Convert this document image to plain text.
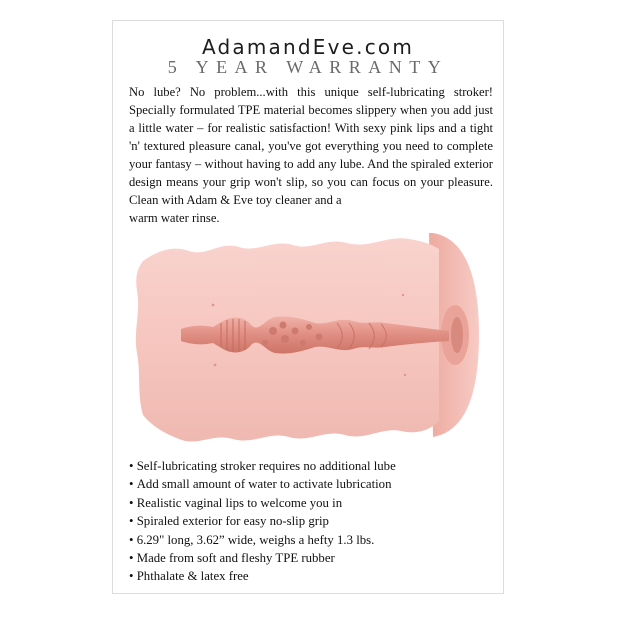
AdamandEve.com
5 YEAR WARRANTY

No lube? No problem...with this unique self-lubricating stroker! Specially formulated TPE material becomes slippery when you add just a little water – for realistic satisfaction! With sexy pink lips and a tight 'n' textured pleasure canal, you've got everything you need to complete your fantasy – without having to add any lube. And the spiraled exterior design means your grip won't slip, so you can focus on your pleasure. Clean with Adam & Eve toy cleaner and a
warm water rinse.

• Self-lubricating stroker requires no additional lube
• Add small amount of water to activate lubrication
• Realistic vaginal lips to welcome you in
• Spiraled exterior for easy no-slip grip
• 6.29" long, 3.62” wide, weighs a hefty 1.3 lbs.
• Made from soft and fleshy TPE rubber
• Phthalate & latex free
